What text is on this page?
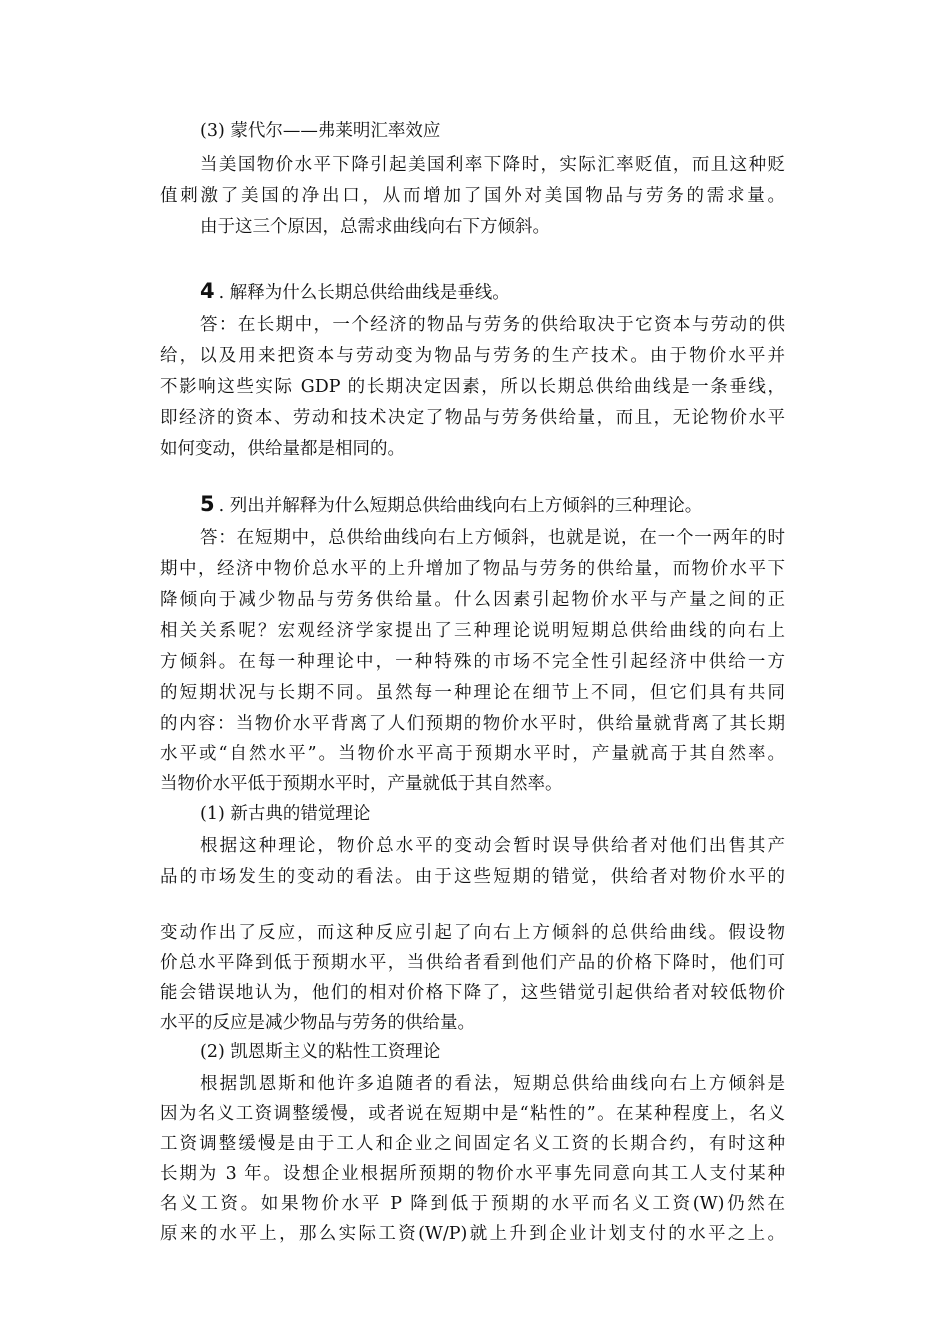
(3) 蒙代尔——弗莱明汇率效应
当美国物价水平下降引起美国利率下降时，实际汇率贬值，而且这种贬
值刺激了美国的净出口，从而增加了国外对美国物品与劳务的需求量。
由于这三个原因，总需求曲线向右下方倾斜。
4 . 解释为什么长期总供给曲线是垂线。
答：在长期中，一个经济的物品与劳务的供给取决于它资本与劳动的供
给，以及用来把资本与劳动变为物品与劳务的生产技术。由于物价水平并
不影响这些实际 GDP 的长期决定因素，所以长期总供给曲线是一条垂线，
即经济的资本、劳动和技术决定了物品与劳务供给量，而且，无论物价水平
如何变动，供给量都是相同的。
5 . 列出并解释为什么短期总供给曲线向右上方倾斜的三种理论。
答：在短期中，总供给曲线向右上方倾斜，也就是说，在一个一两年的时
期中，经济中物价总水平的上升增加了物品与劳务的供给量，而物价水平下
降倾向于减少物品与劳务供给量。什么因素引起物价水平与产量之间的正
相关关系呢？宏观经济学家提出了三种理论说明短期总供给曲线的向右上
方倾斜。在每一种理论中，一种特殊的市场不完全性引起经济中供给一方
的短期状况与长期不同。虽然每一种理论在细节上不同，但它们具有共同
的内容：当物价水平背离了人们预期的物价水平时，供给量就背离了其长期
水平或“自然水平”。当物价水平高于预期水平时，产量就高于其自然率。
当物价水平低于预期水平时，产量就低于其自然率。
(1) 新古典的错觉理论
根据这种理论，物价总水平的变动会暂时误导供给者对他们出售其产
品的市场发生的变动的看法。由于这些短期的错觉，供给者对物价水平的
变动作出了反应，而这种反应引起了向右上方倾斜的总供给曲线。假设物
价总水平降到低于预期水平，当供给者看到他们产品的价格下降时，他们可
能会错误地认为，他们的相对价格下降了，这些错觉引起供给者对较低物价
水平的反应是减少物品与劳务的供给量。
(2) 凯恩斯主义的粘性工资理论
根据凯恩斯和他许多追随者的看法，短期总供给曲线向右上方倾斜是
因为名义工资调整缓慢，或者说在短期中是“粘性的”。在某种程度上，名义
工资调整缓慢是由于工人和企业之间固定名义工资的长期合约，有时这种
长期为 3 年。设想企业根据所预期的物价水平事先同意向其工人支付某种
名义工资。如果物价水平 P 降到低于预期的水平而名义工资(W)仍然在
原来的水平上，那么实际工资(W/P)就上升到企业计划支付的水平之上。
